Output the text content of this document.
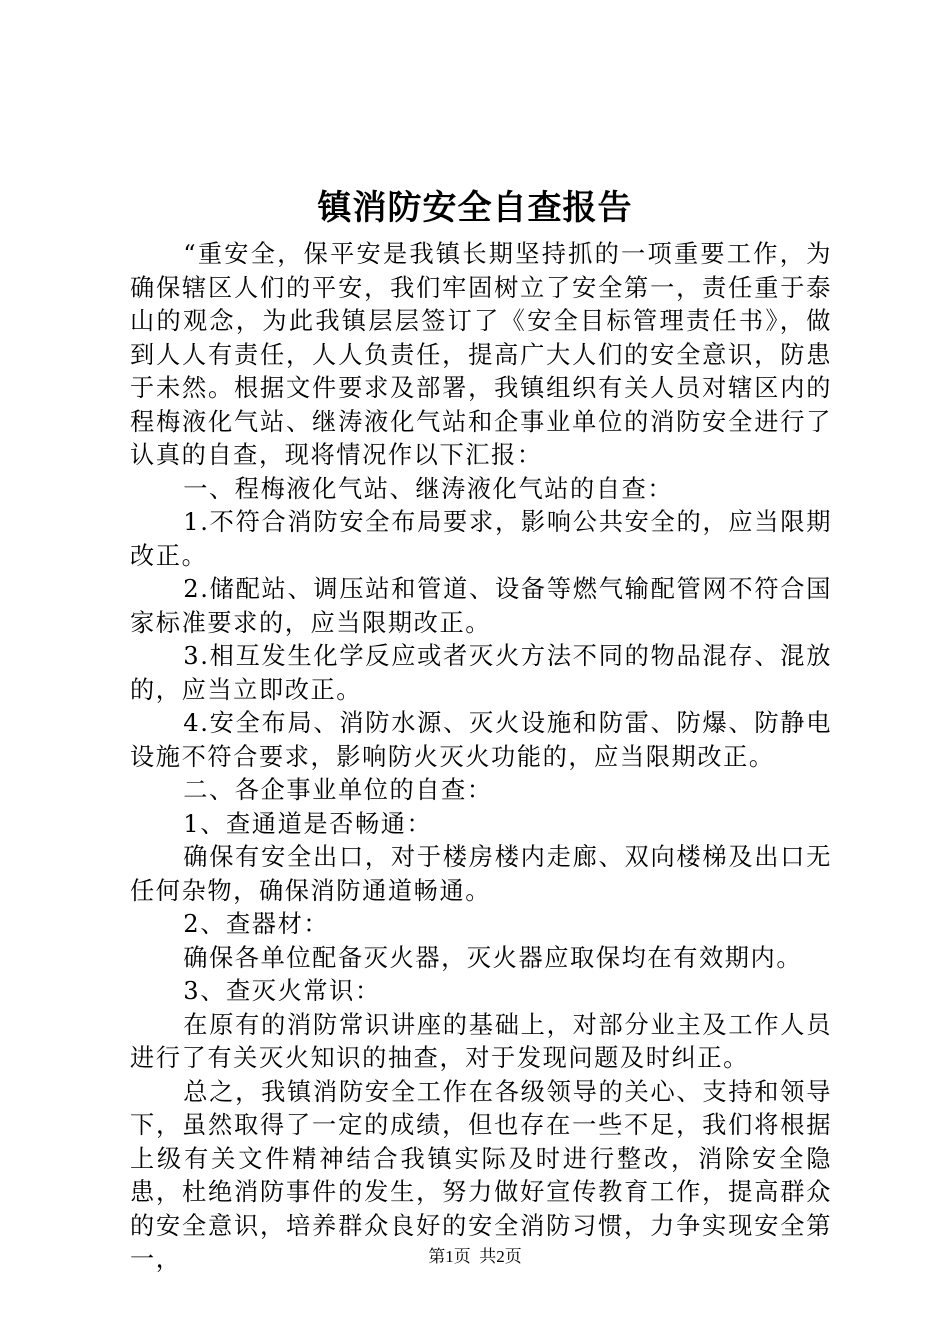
镇消防安全自查报告

“重安全，保平安是我镇长期坚持抓的一项重要工作，为确保辖区人们的平安，我们牢固树立了安全第一，责任重于泰山的观念，为此我镇层层签订了《安全目标管理责任书》，做到人人有责任，人人负责任，提高广大人们的安全意识，防患于未然。根据文件要求及部署，我镇组织有关人员对辖区内的程梅液化气站、继涛液化气站和企事业单位的消防安全进行了认真的自查，现将情况作以下汇报：

一、程梅液化气站、继涛液化气站的自查：

1.不符合消防安全布局要求，影响公共安全的，应当限期改正。

2.储配站、调压站和管道、设备等燃气输配管网不符合国家标准要求的，应当限期改正。

3.相互发生化学反应或者灭火方法不同的物品混存、混放的，应当立即改正。

4.安全布局、消防水源、灭火设施和防雷、防爆、防静电设施不符合要求，影响防火灭火功能的，应当限期改正。

二、各企事业单位的自查：

1、查通道是否畅通：

确保有安全出口，对于楼房楼内走廊、双向楼梯及出口无任何杂物，确保消防通道畅通。

2、查器材：

确保各单位配备灭火器，灭火器应取保均在有效期内。

3、查灭火常识：

在原有的消防常识讲座的基础上，对部分业主及工作人员进行了有关灭火知识的抽查，对于发现问题及时纠正。

总之，我镇消防安全工作在各级领导的关心、支持和领导下，虽然取得了一定的成绩，但也存在一些不足，我们将根据上级有关文件精神结合我镇实际及时进行整改，消除安全隐患，杜绝消防事件的发生，努力做好宣传教育工作，提高群众的安全意识，培养群众良好的安全消防习惯，力争实现安全第一，	第1页 共2页
